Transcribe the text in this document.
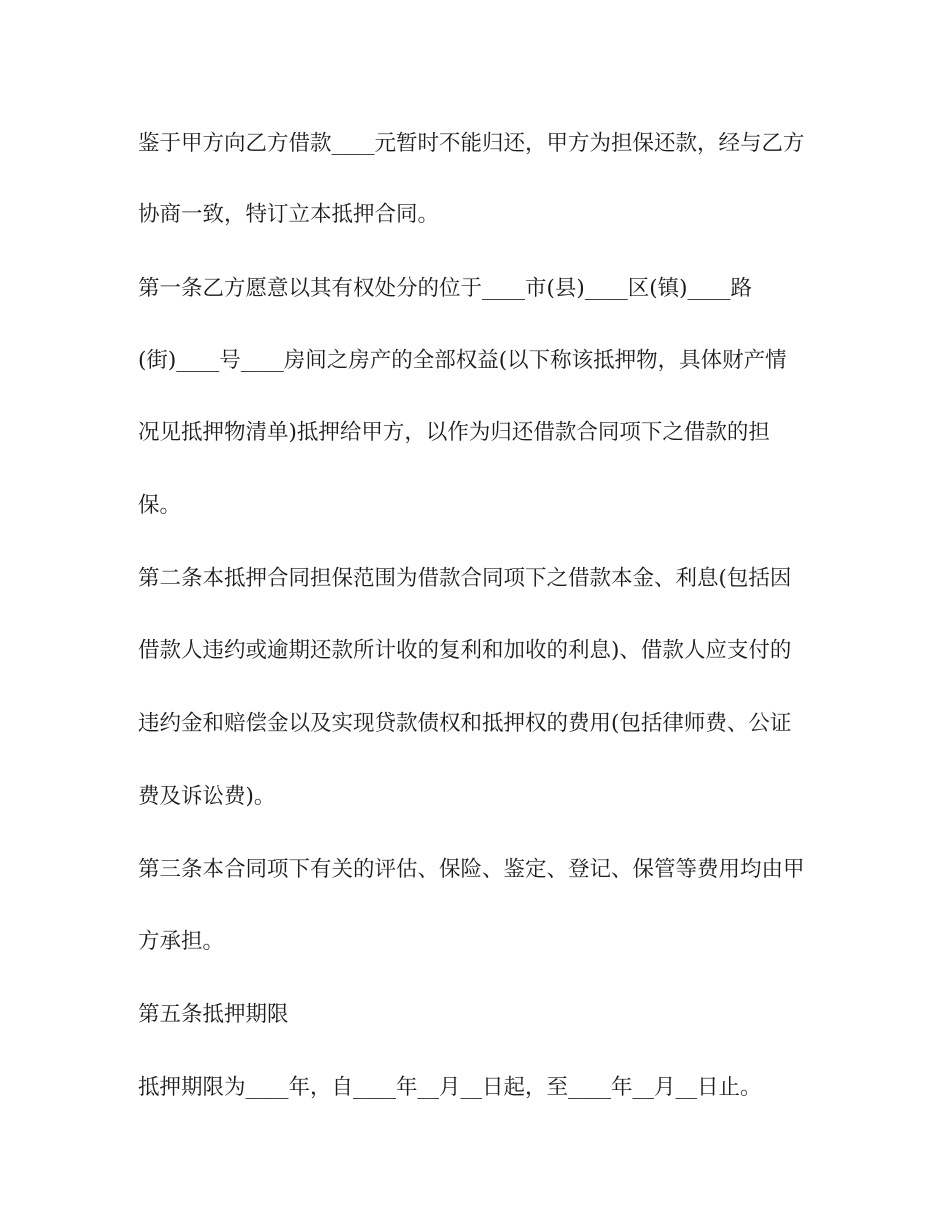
鉴于甲方向乙方借款____元暂时不能归还，甲方为担保还款，经与乙方

协商一致，特订立本抵押合同。

第一条乙方愿意以其有权处分的位于____市(县)____区(镇)____路

(街)____号____房间之房产的全部权益(以下称该抵押物，具体财产情

况见抵押物清单)抵押给甲方，以作为归还借款合同项下之借款的担

保。

第二条本抵押合同担保范围为借款合同项下之借款本金、利息(包括因

借款人违约或逾期还款所计收的复利和加收的利息)、借款人应支付的

违约金和赔偿金以及实现贷款债权和抵押权的费用(包括律师费、公证

费及诉讼费)。

第三条本合同项下有关的评估、保险、鉴定、登记、保管等费用均由甲

方承担。

第五条抵押期限

抵押期限为____年，自____年__月__日起，至____年__月__日止。
